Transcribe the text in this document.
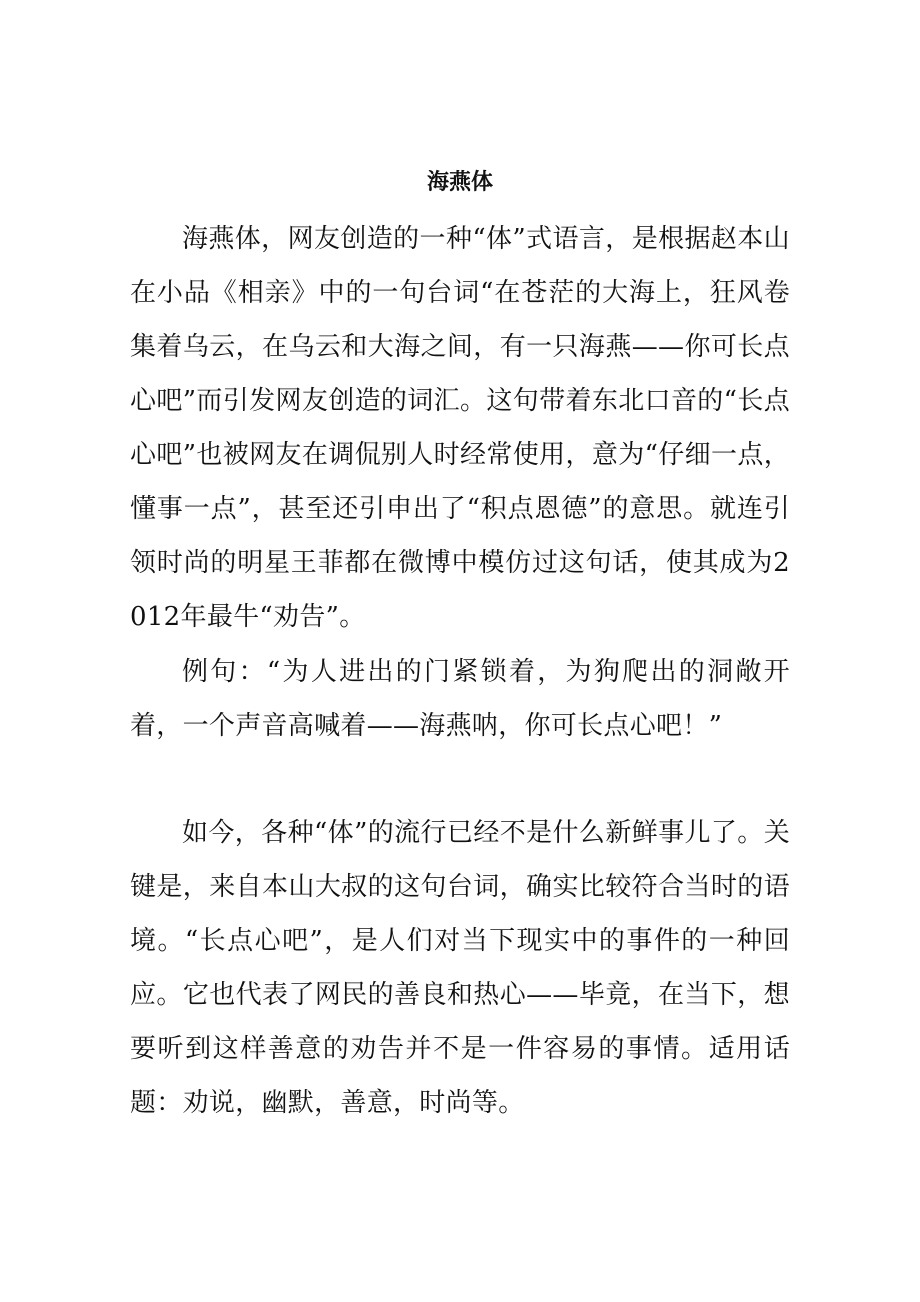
海燕体

海燕体，网友创造的一种“体”式语言，是根据赵本山在小品《相亲》中的一句台词“在苍茫的大海上，狂风卷集着乌云，在乌云和大海之间，有一只海燕——你可长点心吧”而引发网友创造的词汇。这句带着东北口音的“长点心吧”也被网友在调侃别人时经常使用，意为“仔细一点，懂事一点”，甚至还引申出了“积点恩德”的意思。就连引领时尚的明星王菲都在微博中模仿过这句话，使其成为2012年最牛“劝告”。

例句：“为人进出的门紧锁着，为狗爬出的洞敞开着，一个声音高喊着——海燕呐，你可长点心吧！”

如今，各种“体”的流行已经不是什么新鲜事儿了。关键是，来自本山大叔的这句台词，确实比较符合当时的语境。“长点心吧”，是人们对当下现实中的事件的一种回应。它也代表了网民的善良和热心——毕竟，在当下，想要听到这样善意的劝告并不是一件容易的事情。适用话题：劝说，幽默，善意，时尚等。
